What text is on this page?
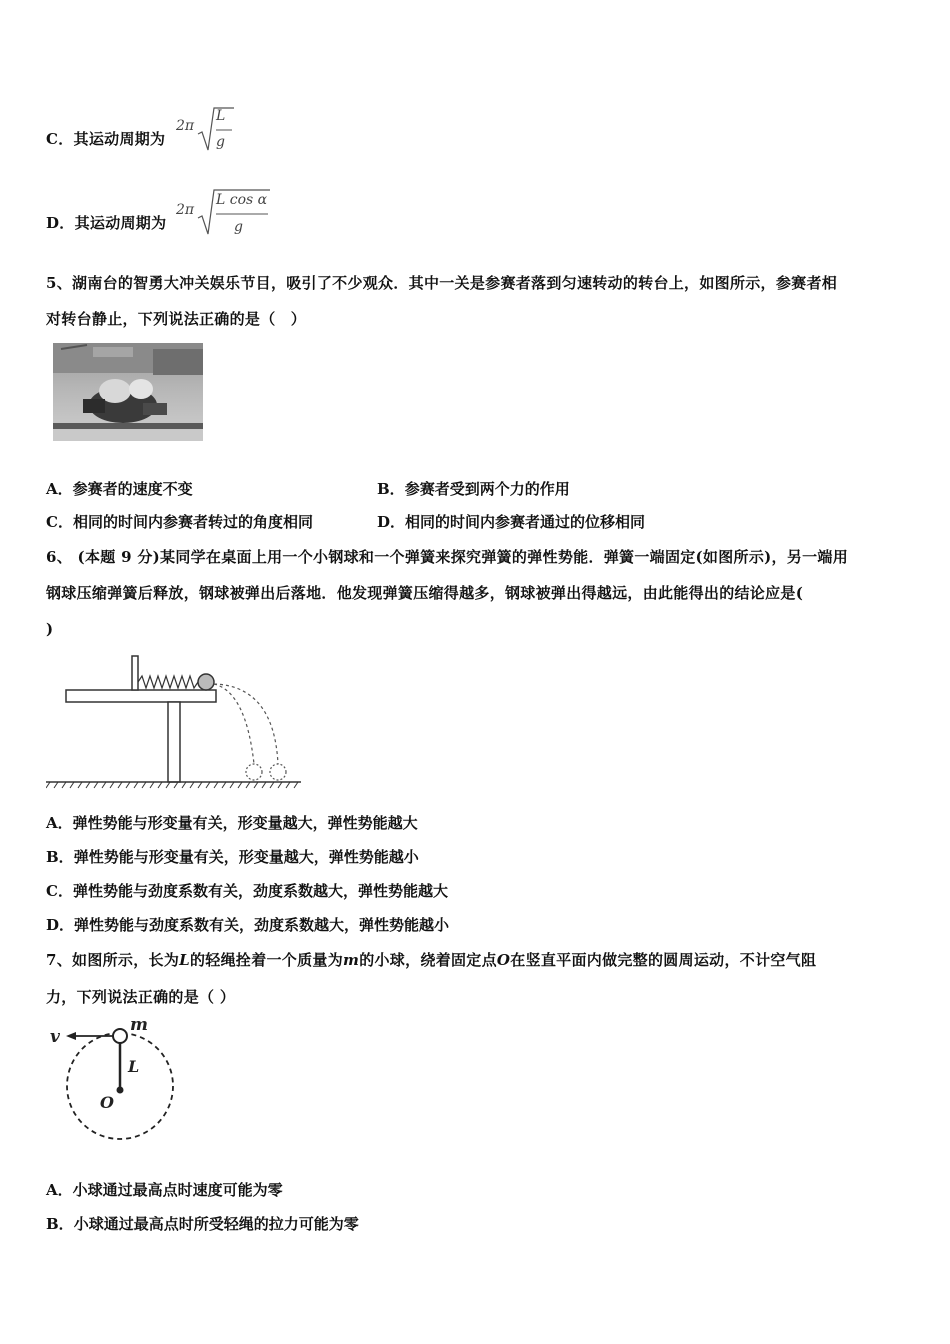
C．其运动周期为
2π
L
g
D．其运动周期为
2π
L cos α
g
5、湖南台的智勇大冲关娱乐节目，吸引了不少观众．其中一关是参赛者落到匀速转动的转台上，如图所示，参赛者相
对转台静止，下列说法正确的是（　）
A．参赛者的速度不变	B．参赛者受到两个力的作用
C．相同的时间内参赛者转过的角度相同	D．相同的时间内参赛者通过的位移相同
6、 (本题 9 分)某同学在桌面上用一个小钢球和一个弹簧来探究弹簧的弹性势能．弹簧一端固定(如图所示)，另一端用
钢球压缩弹簧后释放，钢球被弹出后落地．他发现弹簧压缩得越多，钢球被弹出得越远，由此能得出的结论应是(
)
A．弹性势能与形变量有关，形变量越大，弹性势能越大
B．弹性势能与形变量有关，形变量越大，弹性势能越小
C．弹性势能与劲度系数有关，劲度系数越大，弹性势能越大
D．弹性势能与劲度系数有关，劲度系数越大，弹性势能越小
7、如图所示，长为L的轻绳拴着一个质量为m的小球，绕着固定点O在竖直平面内做完整的圆周运动，不计空气阻
力，下列说法正确的是（ ）
v
m
L
O
A．小球通过最高点时速度可能为零
B．小球通过最高点时所受轻绳的拉力可能为零
